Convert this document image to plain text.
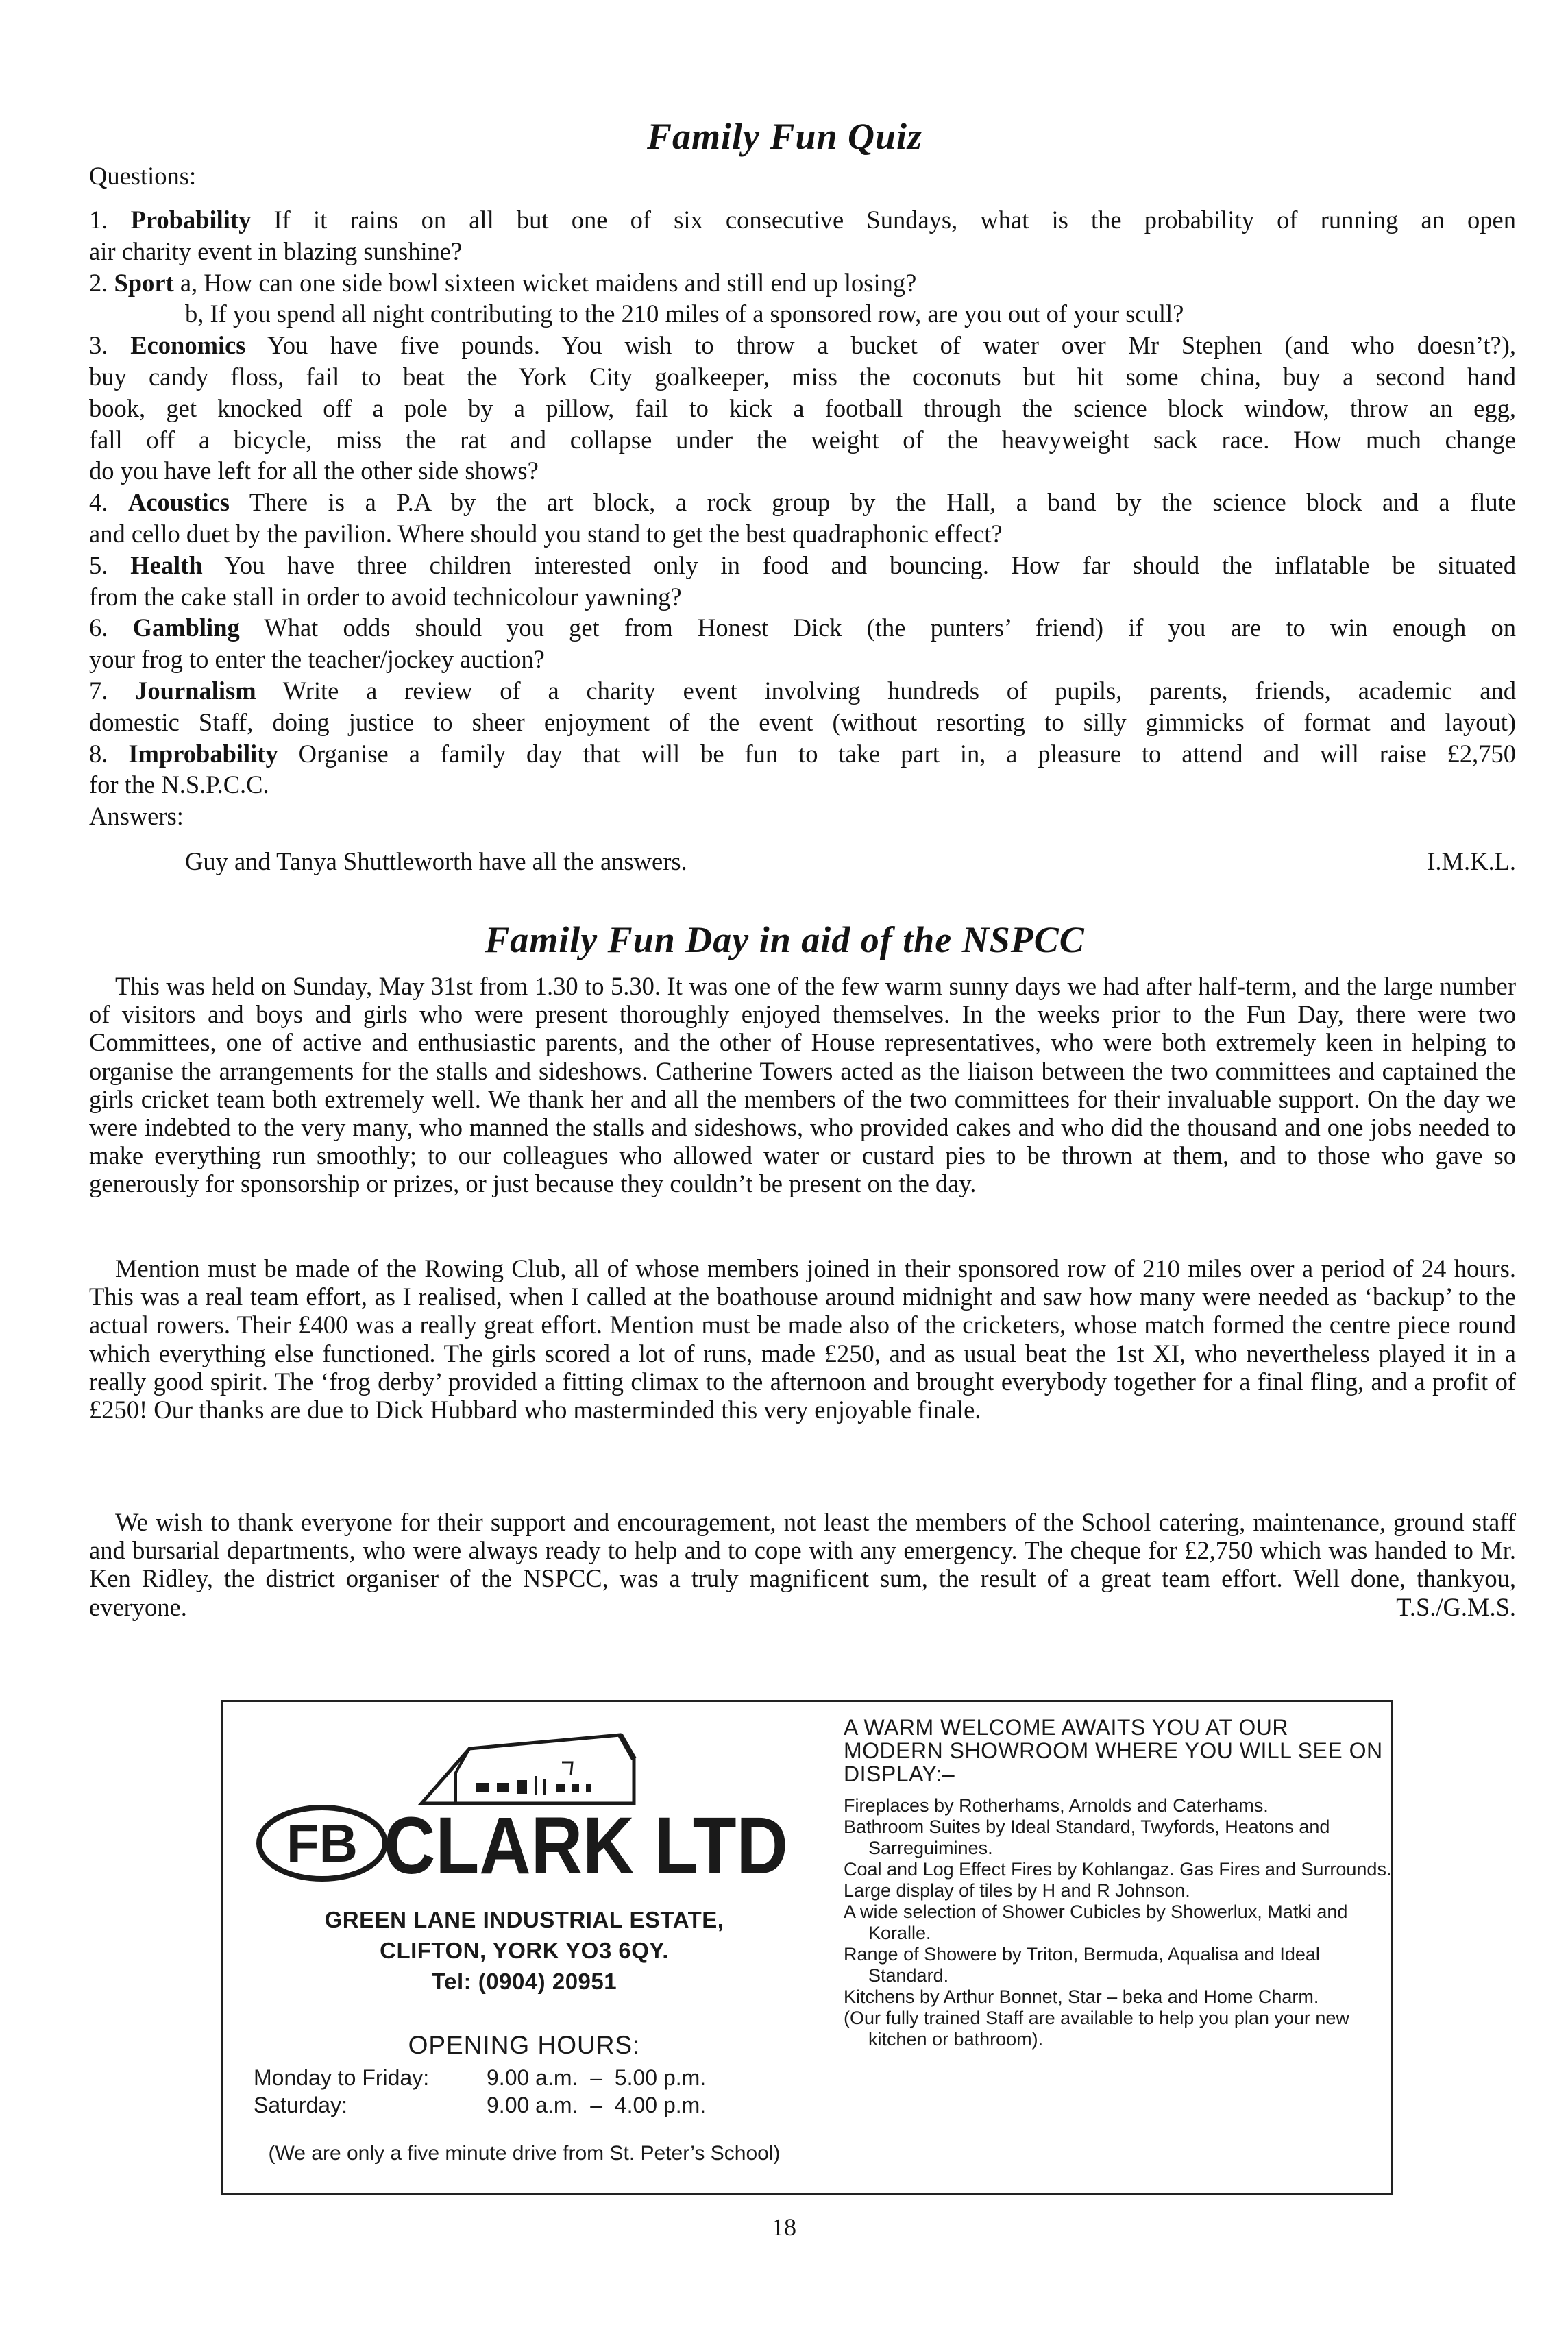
Family Fun Quiz
Questions:
1. Probability If it rains on all but one of six consecutive Sundays, what is the probability of running an open
air charity event in blazing sunshine?
2. Sport a, How can one side bowl sixteen wicket maidens and still end up losing?
b, If you spend all night contributing to the 210 miles of a sponsored row, are you out of your scull?
3. Economics You have five pounds. You wish to throw a bucket of water over Mr Stephen (and who doesn’t?),
buy candy floss, fail to beat the York City goalkeeper, miss the coconuts but hit some china, buy a second hand
book, get knocked off a pole by a pillow, fail to kick a football through the science block window, throw an egg,
fall off a bicycle, miss the rat and collapse under the weight of the heavyweight sack race. How much change
do you have left for all the other side shows?
4. Acoustics There is a P.A by the art block, a rock group by the Hall, a band by the science block and a flute
and cello duet by the pavilion. Where should you stand to get the best quadraphonic effect?
5. Health You have three children interested only in food and bouncing. How far should the inflatable be situated
from the cake stall in order to avoid technicolour yawning?
6. Gambling What odds should you get from Honest Dick (the punters’ friend) if you are to win enough on
your frog to enter the teacher/jockey auction?
7. Journalism Write a review of a charity event involving hundreds of pupils, parents, friends, academic and
domestic Staff, doing justice to sheer enjoyment of the event (without resorting to silly gimmicks of format and layout)
8. Improbability Organise a family day that will be fun to take part in, a pleasure to attend and will raise £2,750
for the N.S.P.C.C.
Answers:
Guy and Tanya Shuttleworth have all the answers.	I.M.K.L.
Family Fun Day in aid of the NSPCC
This was held on Sunday, May 31st from 1.30 to 5.30. It was one of the few warm sunny days we had after half-term, and the large number of visitors and boys and girls who were present thoroughly enjoyed themselves. In the weeks prior to the Fun Day, there were two Committees, one of active and enthusiastic parents, and the other of House representatives, who were both extremely keen in helping to organise the arrangements for the stalls and sideshows. Catherine Towers acted as the liaison between the two committees and captained the girls cricket team both extremely well. We thank her and all the members of the two committees for their invaluable support. On the day we were indebted to the very many, who manned the stalls and sideshows, who provided cakes and who did the thousand and one jobs needed to make everything run smoothly; to our colleagues who allowed water or custard pies to be thrown at them, and to those who gave so generously for sponsorship or prizes, or just because they couldn’t be present on the day.
Mention must be made of the Rowing Club, all of whose members joined in their sponsored row of 210 miles over a period of 24 hours. This was a real team effort, as I realised, when I called at the boathouse around midnight and saw how many were needed as ‘backup’ to the actual rowers. Their £400 was a really great effort. Mention must be made also of the cricketers, whose match formed the centre piece round which everything else functioned. The girls scored a lot of runs, made £250, and as usual beat the 1st XI, who nevertheless played it in a really good spirit. The ‘frog derby’ provided a fitting climax to the afternoon and brought everybody together for a final fling, and a profit of £250! Our thanks are due to Dick Hubbard who masterminded this very enjoyable finale.
We wish to thank everyone for their support and encouragement, not least the members of the School catering, maintenance, ground staff and bursarial departments, who were always ready to help and to cope with any emergency. The cheque for £2,750 which was handed to Mr. Ken Ridley, the district organiser of the NSPCC, was a truly magnificent sum, the result of a great team effort. Well done, thankyou, everyone.	T.S./G.M.S.
FB CLARK LTD
GREEN LANE INDUSTRIAL ESTATE,
CLIFTON, YORK YO3 6QY.
Tel: (0904) 20951
OPENING HOURS:
Monday to Friday:	9.00 a.m.  –  5.00 p.m.
Saturday:	9.00 a.m.  –  4.00 p.m.
(We are only a five minute drive from St. Peter’s School)
A WARM WELCOME AWAITS YOU AT OUR MODERN SHOWROOM WHERE YOU WILL SEE ON DISPLAY:–
Fireplaces by Rotherhams, Arnolds and Caterhams.
Bathroom Suites by Ideal Standard, Twyfords, Heatons and Sarreguimines.
Coal and Log Effect Fires by Kohlangaz. Gas Fires and Surrounds.
Large display of tiles by H and R Johnson.
A wide selection of Shower Cubicles by Showerlux, Matki and Koralle.
Range of Showere by Triton, Bermuda, Aqualisa and Ideal Standard.
Kitchens by Arthur Bonnet, Star – beka and Home Charm.
(Our fully trained Staff are available to help you plan your new kitchen or bathroom).
18
